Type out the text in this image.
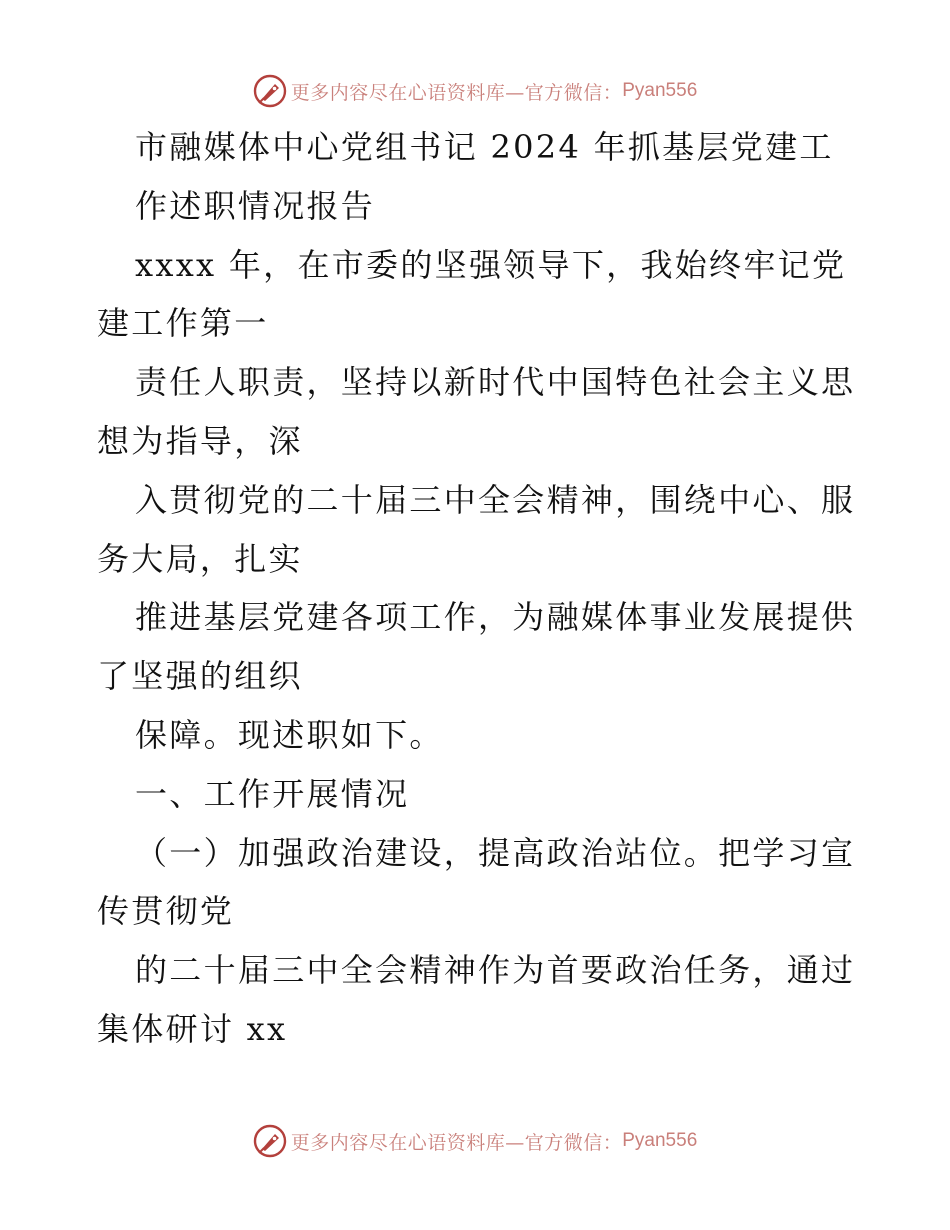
更多内容尽在心语资料库—官方微信： Pyan556
市融媒体中心党组书记 2024 年抓基层党建工
作述职情况报告
xxxx 年，在市委的坚强领导下，我始终牢记党
建工作第一
责任人职责，坚持以新时代中国特色社会主义思
想为指导，深
入贯彻党的二十届三中全会精神，围绕中心、服
务大局，扎实
推进基层党建各项工作，为融媒体事业发展提供
了坚强的组织
保障。现述职如下。
一、工作开展情况
（一）加强政治建设，提高政治站位。把学习宣
传贯彻党
的二十届三中全会精神作为首要政治任务，通过
集体研讨 xx
更多内容尽在心语资料库—官方微信： Pyan556
